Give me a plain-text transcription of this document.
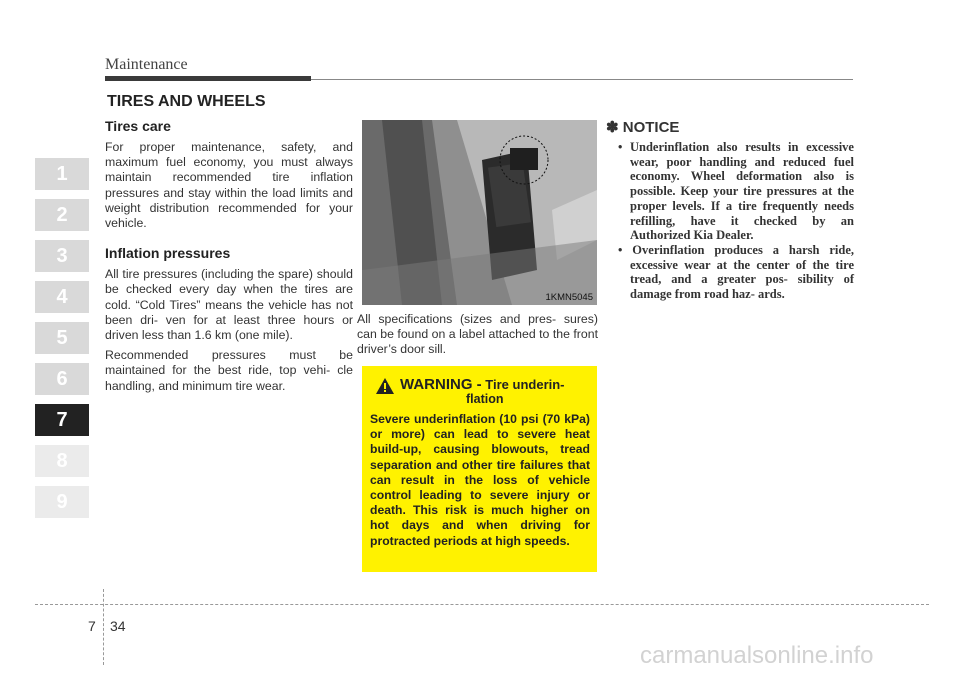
Maintenance
TIRES AND WHEELS
1
2
3
4
5
6
7
8
9
Tires care

For proper maintenance, safety, and maximum fuel economy, you must always maintain recommended tire inflation pressures and stay within the load limits and weight distribution recommended for your vehicle.

Inflation pressures

All tire pressures (including the spare) should be checked every day when the tires are cold. “Cold Tires” means the vehicle has not been dri- ven for at least three hours or driven less than 1.6 km (one mile).

Recommended pressures must be maintained for the best ride, top vehi- cle handling, and minimum tire wear.

1KMN5045

All specifications (sizes and pres- sures) can be found on a label attached to the front driver’s door sill.

WARNING - Tire underin-
flation
Severe underinflation (10 psi (70 kPa) or more) can lead to severe heat build-up, causing blowouts, tread separation and other tire failures that can result in the loss of vehicle control leading to severe injury or death. This risk is much higher on hot days and when driving for protracted periods at high speeds.
✽ NOTICE
• Underinflation also results in excessive wear, poor handling and reduced fuel economy. Wheel deformation also is possible. Keep your tire pressures at the proper levels. If a tire frequently needs refilling, have it checked by an Authorized Kia Dealer.
• Overinflation produces a harsh ride, excessive wear at the center of the tire tread, and a greater pos- sibility of damage from road haz- ards.
7 34
carmanualsonline.info
